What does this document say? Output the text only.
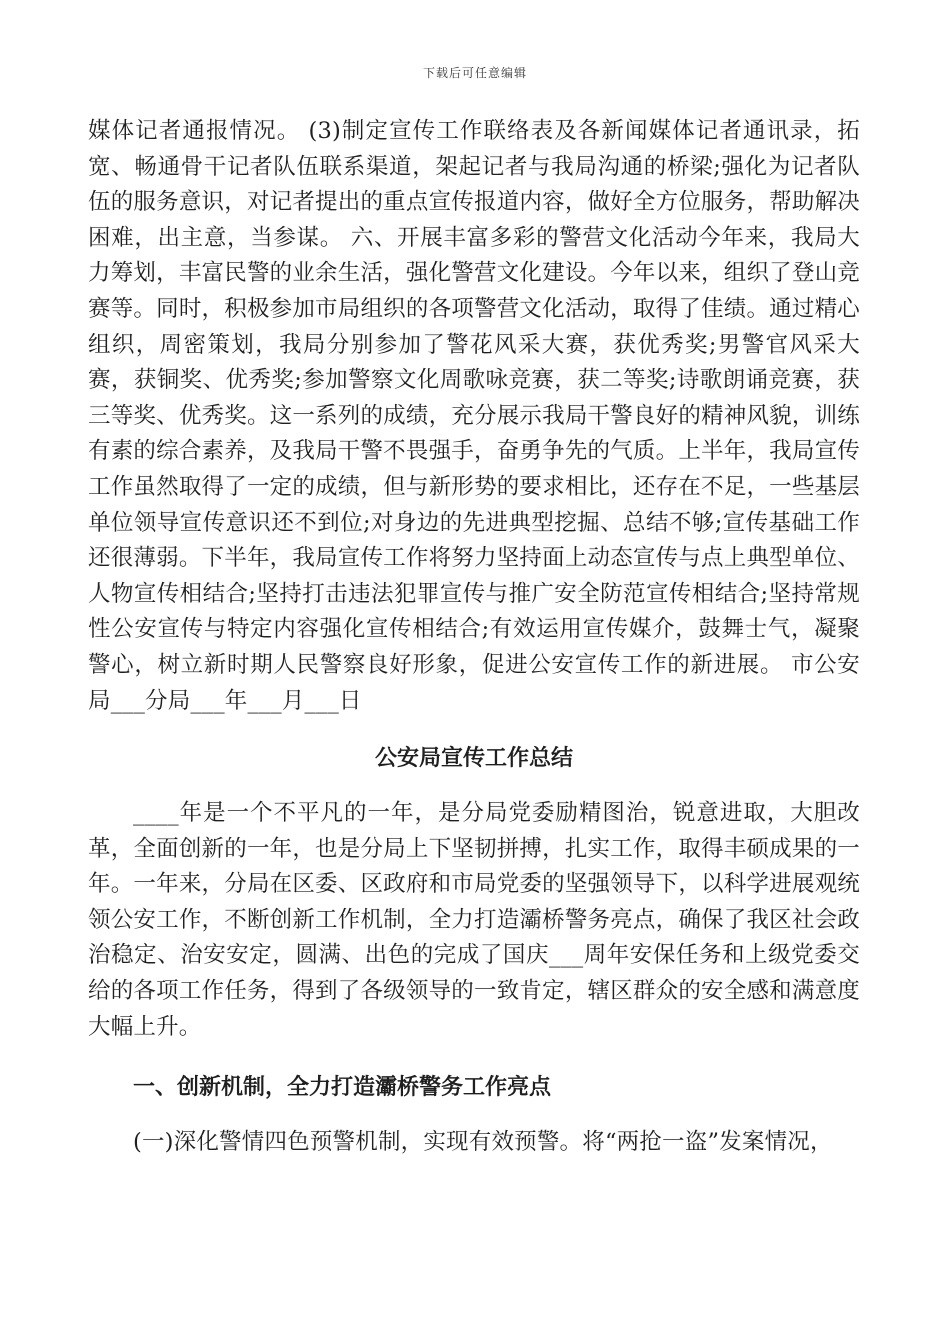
下载后可任意编辑

媒体记者通报情况。 (3)制定宣传工作联络表及各新闻媒体记者通讯录，拓宽、畅通骨干记者队伍联系渠道，架起记者与我局沟通的桥梁;强化为记者队伍的服务意识，对记者提出的重点宣传报道内容，做好全方位服务，帮助解决困难，出主意，当参谋。 六、开展丰富多彩的警营文化活动今年来，我局大力筹划，丰富民警的业余生活，强化警营文化建设。今年以来，组织了登山竞赛等。同时，积极参加市局组织的各项警营文化活动，取得了佳绩。通过精心组织，周密策划，我局分别参加了警花风采大赛，获优秀奖;男警官风采大赛，获铜奖、优秀奖;参加警察文化周歌咏竞赛，获二等奖;诗歌朗诵竞赛，获三等奖、优秀奖。这一系列的成绩，充分展示我局干警良好的精神风貌，训练有素的综合素养，及我局干警不畏强手，奋勇争先的气质。上半年，我局宣传工作虽然取得了一定的成绩，但与新形势的要求相比，还存在不足，一些基层单位领导宣传意识还不到位;对身边的先进典型挖掘、总结不够;宣传基础工作还很薄弱。下半年，我局宣传工作将努力坚持面上动态宣传与点上典型单位、人物宣传相结合;坚持打击违法犯罪宣传与推广安全防范宣传相结合;坚持常规性公安宣传与特定内容强化宣传相结合;有效运用宣传媒介，鼓舞士气，凝聚警心，树立新时期人民警察良好形象，促进公安宣传工作的新进展。 市公安局___分局___年___月___日

公安局宣传工作总结

____年是一个不平凡的一年，是分局党委励精图治，锐意进取，大胆改革，全面创新的一年，也是分局上下坚韧拼搏，扎实工作，取得丰硕成果的一年。一年来，分局在区委、区政府和市局党委的坚强领导下，以科学进展观统领公安工作，不断创新工作机制，全力打造灞桥警务亮点，确保了我区社会政治稳定、治安安定，圆满、出色的完成了国庆___周年安保任务和上级党委交给的各项工作任务，得到了各级领导的一致肯定，辖区群众的安全感和满意度大幅上升。

一、创新机制，全力打造灞桥警务工作亮点

(一)深化警情四色预警机制，实现有效预警。将“两抢一盗”发案情况，
